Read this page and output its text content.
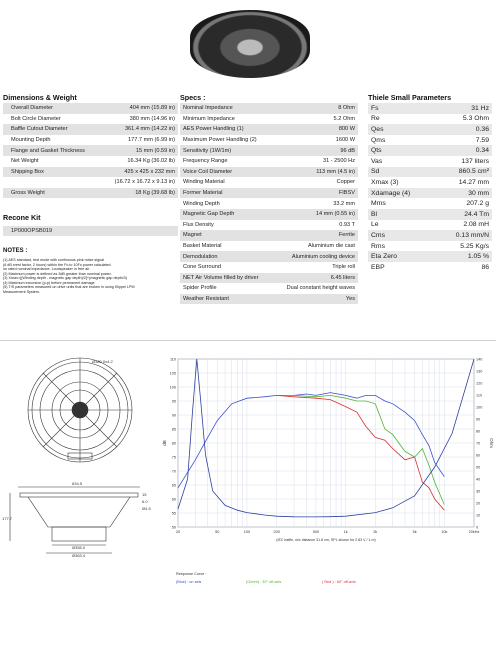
Dimensions & Weight
Overall Diameter	404 mm (15.89 in)
Bolt Circle Diameter	380 mm (14.96 in)
Baffle Cutout Diameter	361.4 mm (14.22 in)
Mounting Depth	177.7 mm (6.99 in)
Flange and Gasket Thickness	15 mm (0.59 in)
Net Weight	16.34 Kg (36.02 lb)
Shipping Box	425 x 425 x 232 mm
	(16.72 x 16.72 x 9.13 in)
Gross Weight	18 Kg (39.68 lb)
Specs :
Nominal Impedance	8 Ohm
Minimum Impedance	5.2 Ohm
AES Power Handling (1)	800 W
Maximum Power Handling (2)	1600 W
Sensitivity (1W/1m)	96 dB
Frequency Range	31 - 2500 Hz
Voice Coil Diameter	113 mm (4.5 in)
Winding Material	Copper
Former Material	FIBSV
Winding Depth	33.2 mm
Magnetic Gap Depth	14 mm (0.55 in)
Flux Density	0.93 T
Magnet	Ferrite
Basket Material	Aluminium die cast
Demodulation	Aluminium cooling device
Cone Surround	Triple roll
NET Air Volume filled by driver	6.45 liters
Spider Profile	Dual constant height waves
Weather Resistant	Yes
Thiele Small Parameters
Fs	31 Hz
Re	5.3 Ohm
Qes	0.36
Qms	7.59
Qts	0.34
Vas	137 liters
Sd	860.5 cm²
Xmax (3)	14.27 mm
Xdamage (4)	30 mm
Mms	207.2 g
Bl	24.4 Tm
Le	2.08 mH
Cms	0.13 mm/N
Rms	5.25 Kg/s
Eta Zero	1.05 %
EBP	86
Recone Kit
1P000OPSB019
NOTES :
(1) AES standard, test mode with continuous pink noise signal
(6 dB crest factor, 2 hours) within the Fo to 10Fo power calculated
on rated nominal impedance. Loudspeaker in free air
(2) Maximum power is defined as 3dB greater than nominal power.
(3) Xmax=[(Winding depth - magnetic gap depth)/2]+(magnetic gap depth/3)
(4) Maximum excursion (p-p) before permanent damage
(5) T/S parameters measured on drive units that are broken in using Klippel LPM
Measurement System.
Ø380.0x4.2
634.5
Ø363.4
Ø355.0
177.7
15
6.0
Ø4.5
50
55
60
65
70
75
80
85
90
95
100
105
110
0
10
20
30
40
50
60
70
80
90
100
110
120
130
140
20	50	100	200	500	1k	2k	5k	10k	20kHz
dB	Ohm
(IEC baffle, mic distance 31.6 cm, SPL shown for 2.83 V / 1 m)
Response Curve :
(Blue) : on axis	(Green) : 30° off-axis	( Red ) : 60° off-axis
